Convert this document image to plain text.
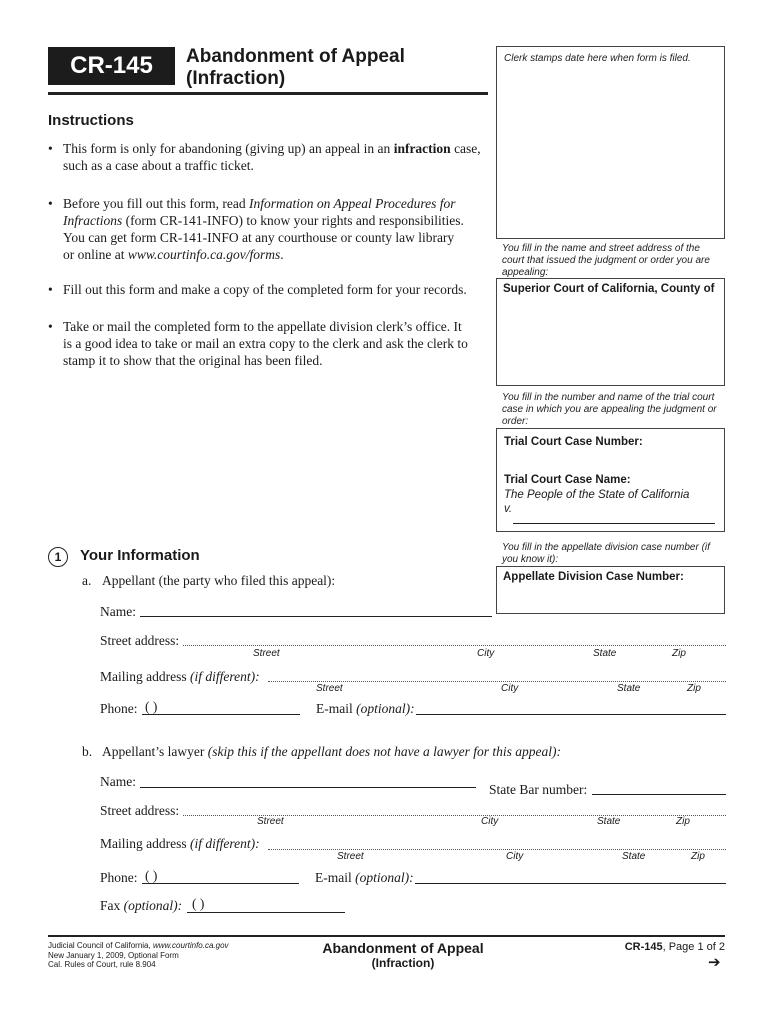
CR-145	Abandonment of Appeal
(Infraction)
Clerk stamps date here when form is filed.
Instructions
• This form is only for abandoning (giving up) an appeal in an infraction case,
such as a case about a traffic ticket.
• Before you fill out this form, read Information on Appeal Procedures for
Infractions (form CR-141-INFO) to know your rights and responsibilities.
You can get form CR-141-INFO at any courthouse or county law library
or online at www.courtinfo.ca.gov/forms.
• Fill out this form and make a copy of the completed form for your records.
• Take or mail the completed form to the appellate division clerk’s office. It
is a good idea to take or mail an extra copy to the clerk and ask the clerk to
stamp it to show that the original has been filed.
You fill in the name and street address of the court that issued the judgment or order you are appealing:
Superior Court of California, County of
You fill in the number and name of the trial court case in which you are appealing the judgment or order:
Trial Court Case Number:
Trial Court Case Name:
The People of the State of California
v.
You fill in the appellate division case number (if you know it):
Appellate Division Case Number:
1	Your Information
a. Appellant (the party who filed this appeal):
Name:
Street address:
Street	City	State	Zip
Mailing address (if different):
Street	City	State	Zip
Phone: ( )	E-mail (optional):
b. Appellant’s lawyer (skip this if the appellant does not have a lawyer for this appeal):
Name:
State Bar number:
Street address:
Street	City	State	Zip
Mailing address (if different):
Street	City	State	Zip
Phone: ( )	E-mail (optional):
Fax (optional): ( )
Judicial Council of California, www.courtinfo.ca.gov
New January 1, 2009, Optional Form
Cal. Rules of Court, rule 8.904
Abandonment of Appeal
(Infraction)
CR-145, Page 1 of 2
➔
